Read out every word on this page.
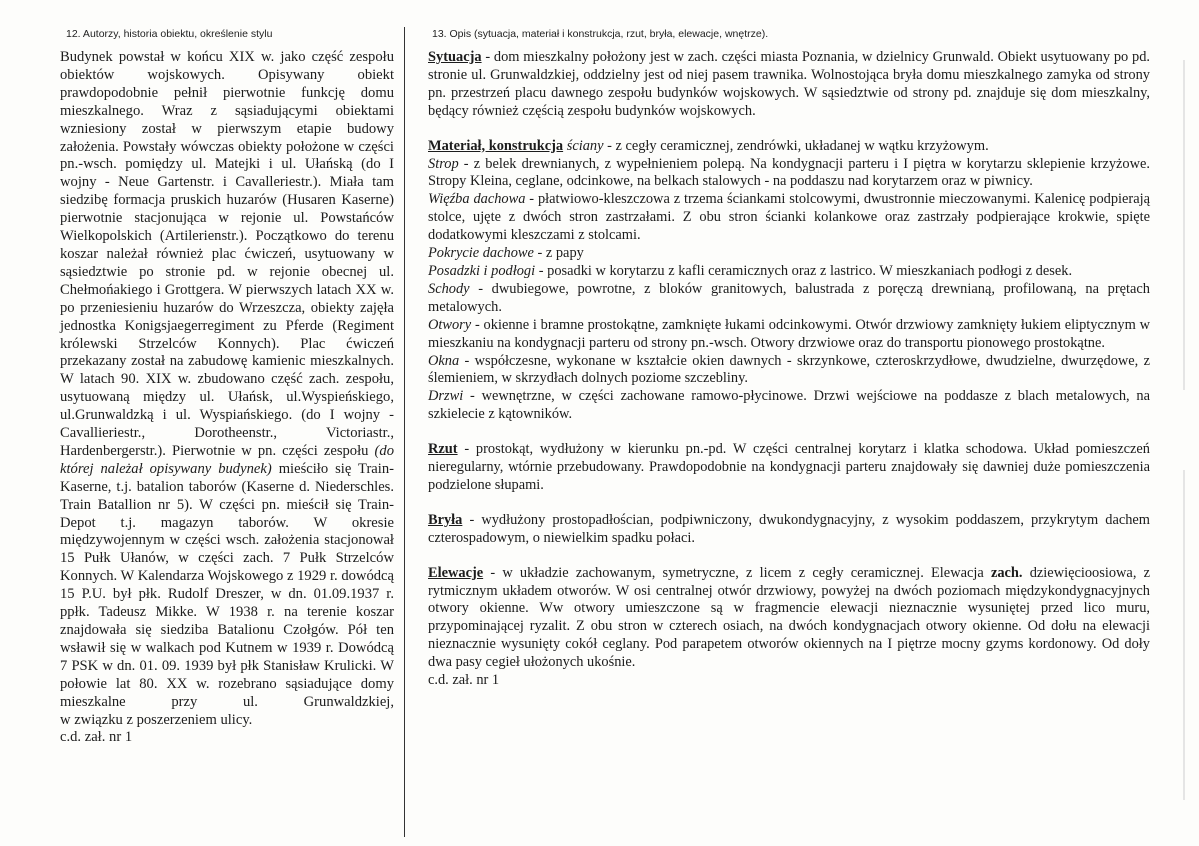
12. Autorzy, historia obiektu, określenie stylu	13. Opis (sytuacja, materiał i konstrukcja, rzut, bryła, elewacje, wnętrze).

Budynek powstał w końcu XIX w. jako część zespołu obiektów wojskowych. Opisywany obiekt prawdopodobnie pełnił pierwotnie funkcję domu mieszkalnego. Wraz z sąsiadującymi obiektami wzniesiony został w pierwszym etapie budowy założenia. Powstały wówczas obiekty położone w części pn.-wsch. pomiędzy ul. Matejki i ul. Ułańską (do I wojny - Neue Gartenstr. i Cavalleriestr.). Miała tam siedzibę formacja pruskich huzarów (Husaren Kaserne) pierwotnie stacjonująca w rejonie ul. Powstańców Wielkopolskich (Artilerienstr.). Początkowo do terenu koszar należał również plac ćwiczeń, usytuowany w sąsiedztwie po stronie pd. w rejonie obecnej ul. Chełmońakiego i Grottgera. W pierwszych latach XX w. po przeniesieniu huzarów do Wrzeszcza, obiekty zajęła jednostka Konigsjaegerregiment zu Pferde (Regiment królewski Strzelców Konnych). Plac ćwiczeń przekazany został na zabudowę kamienic mieszkalnych. W latach 90. XIX w. zbudowano część zach. zespołu, usytuowaną między ul. Ułańsk, ul.Wyspieńskiego, ul.Grunwaldzką i ul. Wyspiańskiego. (do I wojny - Cavallieriestr., Dorotheenstr., Victoriastr., Hardenbergerstr.). Pierwotnie w pn. części zespołu (do której należał opisywany budynek) mieściło się Train-Kaserne, t.j. batalion taborów (Kaserne d. Niederschles. Train Batallion nr 5). W części pn. mieścił się Train-Depot t.j. magazyn taborów. W okresie międzywojennym w części wsch. założenia stacjonował 15 Pułk Ułanów, w części zach. 7 Pułk Strzelców Konnych. W Kalendarza Wojskowego z 1929 r. dowódcą 15 P.U. był płk. Rudolf Dreszer, w dn. 01.09.1937 r. ppłk. Tadeusz Mikke. W 1938 r. na terenie koszar znajdowała się siedziba Batalionu Czołgów. Pół ten wsławił się w walkach pod Kutnem w 1939 r. Dowódcą 7 PSK w dn. 01. 09. 1939 był płk Stanisław Krulicki. W połowie lat 80. XX w. rozebrano sąsiadujące domy mieszkalne przy ul. Grunwaldzkiej,

w związku z poszerzeniem ulicy.

c.d. zał. nr 1

Sytuacja - dom mieszkalny położony jest w zach. części miasta Poznania, w dzielnicy Grunwald. Obiekt usytuowany po pd. stronie ul. Grunwaldzkiej, oddzielny jest od niej pasem trawnika. Wolnostojąca bryła domu mieszkalnego zamyka od strony pn. przestrzeń placu dawnego zespołu budynków wojskowych. W sąsiedztwie od strony pd. znajduje się dom mieszkalny, będący również częścią zespołu budynków wojskowych.

Materiał, konstrukcja ściany - z cegły ceramicznej, zendrówki, układanej w wątku krzyżowym.

Strop - z belek drewnianych, z wypełnieniem polepą. Na kondygnacji parteru i I piętra w korytarzu sklepienie krzyżowe. Stropy Kleina, ceglane, odcinkowe, na belkach stalowych - na poddaszu nad korytarzem oraz w piwnicy.

Więźba dachowa - płatwiowo-kleszczowa z trzema ściankami stolcowymi, dwustronnie mieczowanymi. Kalenicę podpierają stolce, ujęte z dwóch stron zastrzałami. Z obu stron ścianki kolankowe oraz zastrzały podpierające krokwie, spięte dodatkowymi kleszczami z stolcami.

Pokrycie dachowe - z papy

Posadzki i podłogi - posadki w korytarzu z kafli ceramicznych oraz z lastrico. W mieszkaniach podłogi z desek.

Schody - dwubiegowe, powrotne, z bloków granitowych, balustrada z poręczą drewnianą, profilowaną, na prętach metalowych.

Otwory - okienne i bramne prostokątne, zamknięte łukami odcinkowymi. Otwór drzwiowy zamknięty łukiem eliptycznym w mieszkaniu na kondygnacji parteru od strony pn.-wsch. Otwory drzwiowe oraz do transportu pionowego prostokątne.

Okna - współczesne, wykonane w kształcie okien dawnych - skrzynkowe, czteroskrzydłowe, dwudzielne, dwurzędowe, z ślemieniem, w skrzydłach dolnych poziome szczebliny.

Drzwi - wewnętrzne, w części zachowane ramowo-płycinowe. Drzwi wejściowe na poddasze z blach metalowych, na szkielecie z kątowników.

Rzut - prostokąt, wydłużony w kierunku pn.-pd. W części centralnej korytarz i klatka schodowa. Układ pomieszczeń nieregularny, wtórnie przebudowany. Prawdopodobnie na kondygnacji parteru znajdowały się dawniej duże pomieszczenia podzielone słupami.

Bryła - wydłużony prostopadłościan, podpiwniczony, dwukondygnacyjny, z wysokim poddaszem, przykrytym dachem czterospadowym, o niewielkim spadku połaci.

Elewacje - w układzie zachowanym, symetryczne, z licem z cegły ceramicznej. Elewacja zach. dziewięcioosiowa, z rytmicznym układem otworów. W osi centralnej otwór drzwiowy, powyżej na dwóch poziomach międzykondygnacyjnych otwory okienne. Ww otwory umieszczone są w fragmencie elewacji nieznacznie wysuniętej przed lico muru, przypominającej ryzalit. Z obu stron w czterech osiach, na dwóch kondygnacjach otwory okienne. Od dołu na elewacji nieznacznie wysunięty cokół ceglany. Pod parapetem otworów okiennych na I piętrze mocny gzyms kordonowy. Od doły dwa pasy cegieł ułożonych ukośnie.

c.d. zał. nr 1
